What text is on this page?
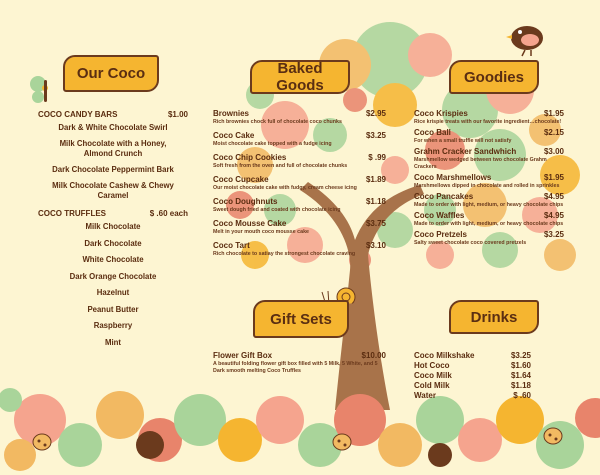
Our Coco	Baked Goods	Goodies
Gift Sets	Drinks
COCO CANDY BARS	$1.00
Dark & White Chocolate Swirl
Milk Chocolate with a Honey, Almond Crunch
Dark Chocolate Peppermint Bark
Milk Chocolate Cashew & Chewy Caramel
COCO TRUFFLES	$ .60 each
Milk Chocolate
Dark Chocolate
White Chocolate
Dark Orange Chocolate
Hazelnut
Peanut Butter
Raspberry
Mint
Brownies	$2.95
Rich brownies chock full of chocolate coco chunks
Coco Cake	$3.25
Moist chocolate cake topped with a fudge icing
Coco Chip Cookies	$ .99
Soft fresh from the oven and full of chocolate chunks
Coco Cupcake	$1.89
Our moist chocolate cake with fudgy, cream cheese icing
Coco Doughnuts	$1.18
Sweet dough fried and coated with chocolate icing
Coco Mousse Cake	$3.75
Melt in your mouth coco mousse cake
Coco Tart	$3.10
Rich chocolate to satiay the strongest chocolate craving
Coco Krispies	$1.95
Rice krispie treats with our favorite ingredient…chocolate!
Coco Ball	$2.15
For when a small truffle will not satisfy
Grahm Cracker Sandwhich	$3.00
Marshmellow wedged between two chocolate Grahm Crackers
Coco Marshmellows	$1.95
Marshmellows dipped in chocolate and rolled in sprinkles
Coco Pancakes	$4.95
Made to order with light, medium, or heavy chocolate chips
Coco Waffles	$4.95
Made to order with light, medium, or heavy chocolate chips
Coco Pretzels	$3.25
Salty sweet chocolate coco covered pretzels
Flower Gift Box	$10.00
A beautiful folding flower gift box filled with 5 Milk, 5 White, and 5 Dark smooth melting Coco Truffles
Coco Milkshake	$3.25
Hot Coco	$1.60
Coco Milk	$1.64
Cold Milk	$1.18
Water	$ .60
